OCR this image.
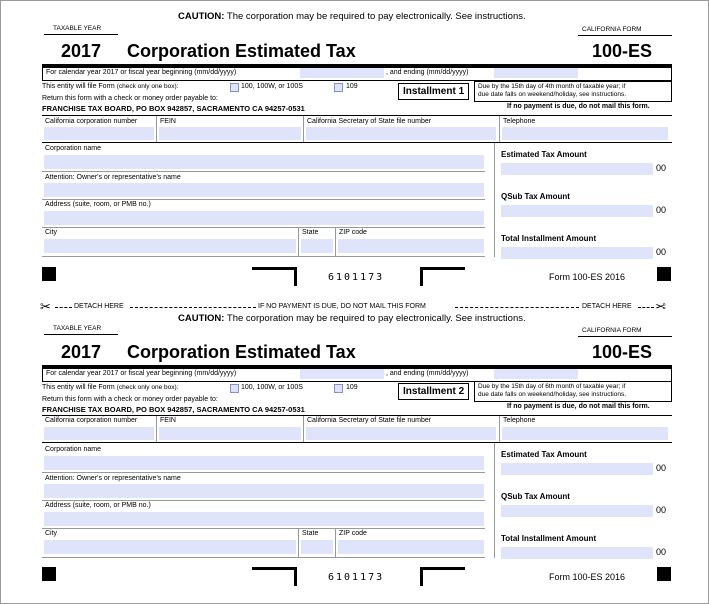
CAUTION: The corporation may be required to pay electronically. See instructions.
TAXABLE YEAR	CALIFORNIA FORM
2017 Corporation Estimated Tax	100-ES
For calendar year 2017 or fiscal year beginning (mm/dd/yyyy)	, and ending (mm/dd/yyyy)
This entity will file Form (check only one box):	100, 100W, or 100S	109
Return this form with a check or money order payable to:
FRANCHISE TAX BOARD, PO BOX 942857, SACRAMENTO CA 94257-0531
Installment 1	Due by the 15th day of 4th month of taxable year; if
due date falls on weekend/holiday, see instructions.
If no payment is due, do not mail this form.
California corporation number	FEIN	California Secretary of State file number	Telephone
Corporation name
Attention: Owner's or representative's name
Address (suite, room, or PMB no.)
City	State	ZIP code
Estimated Tax Amount
00
QSub Tax Amount
00
Total Installment Amount
00
6101173	Form 100-ES 2016
✂	DETACH HERE	IF NO PAYMENT IS DUE, DO NOT MAIL THIS FORM	DETACH HERE ✂
CAUTION: The corporation may be required to pay electronically. See instructions.
TAXABLE YEAR	CALIFORNIA FORM
2017 Corporation Estimated Tax	100-ES
For calendar year 2017 or fiscal year beginning (mm/dd/yyyy)	, and ending (mm/dd/yyyy)
This entity will file Form (check only one box):	100, 100W, or 100S	109
Return this form with a check or money order payable to:
FRANCHISE TAX BOARD, PO BOX 942857, SACRAMENTO CA 94257-0531
Installment 2	Due by the 15th day of 6th month of taxable year; if
due date falls on weekend/holiday, see instructions.
If no payment is due, do not mail this form.
California corporation number	FEIN	California Secretary of State file number	Telephone
Corporation name
Attention: Owner's or representative's name
Address (suite, room, or PMB no.)
City	State	ZIP code
Estimated Tax Amount
00
QSub Tax Amount
00
Total Installment Amount
00
6101173	Form 100-ES 2016
